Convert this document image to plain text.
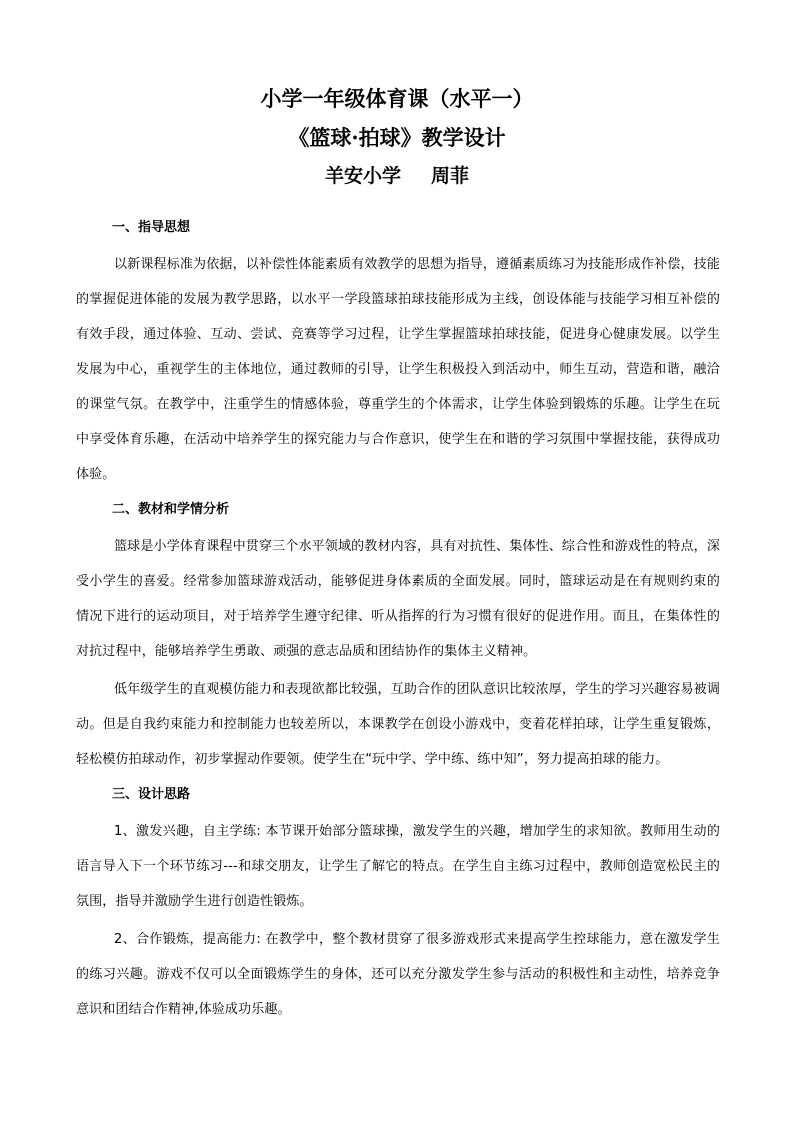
小学一年级体育课（水平一）
《篮球·拍球》教学设计
羊安小学 周菲
一、指导思想

以新课程标准为依据，以补偿性体能素质有效教学的思想为指导，遵循素质练习为技能形成作补偿，技能的掌握促进体能的发展为教学思路，以水平一学段篮球拍球技能形成为主线，创设体能与技能学习相互补偿的有效手段，通过体验、互动、尝试、竞赛等学习过程，让学生掌握篮球拍球技能，促进身心健康发展。以学生发展为中心，重视学生的主体地位，通过教师的引导，让学生积极投入到活动中，师生互动，营造和谐，融洽的课堂气氛。在教学中，注重学生的情感体验，尊重学生的个体需求，让学生体验到锻炼的乐趣。让学生在玩中享受体育乐趣，在活动中培养学生的探究能力与合作意识，使学生在和谐的学习氛围中掌握技能，获得成功体验。

二、教材和学情分析

篮球是小学体育课程中贯穿三个水平领域的教材内容，具有对抗性、集体性、综合性和游戏性的特点，深受小学生的喜爱。经常参加篮球游戏活动，能够促进身体素质的全面发展。同时，篮球运动是在有规则约束的情况下进行的运动项目，对于培养学生遵守纪律、听从指挥的行为习惯有很好的促进作用。而且，在集体性的对抗过程中，能够培养学生勇敢、顽强的意志品质和团结协作的集体主义精神。

低年级学生的直观模仿能力和表现欲都比较强，互助合作的团队意识比较浓厚，学生的学习兴趣容易被调动。但是自我约束能力和控制能力也较差所以，本课教学在创设小游戏中，变着花样拍球，让学生重复锻炼，轻松模仿拍球动作，初步掌握动作要领。使学生在“玩中学、学中练、练中知”，努力提高拍球的能力。

三、设计思路

1、激发兴趣，自主学练: 本节课开始部分篮球操，激发学生的兴趣，增加学生的求知欲。教师用生动的语言导入下一个环节练习---和球交朋友，让学生了解它的特点。在学生自主练习过程中，教师创造宽松民主的氛围，指导并激励学生进行创造性锻炼。

2、合作锻炼，提高能力: 在教学中，整个教材贯穿了很多游戏形式来提高学生控球能力，意在激发学生的练习兴趣。游戏不仅可以全面锻炼学生的身体，还可以充分激发学生参与活动的积极性和主动性，培养竞争意识和团结合作精神,体验成功乐趣。
